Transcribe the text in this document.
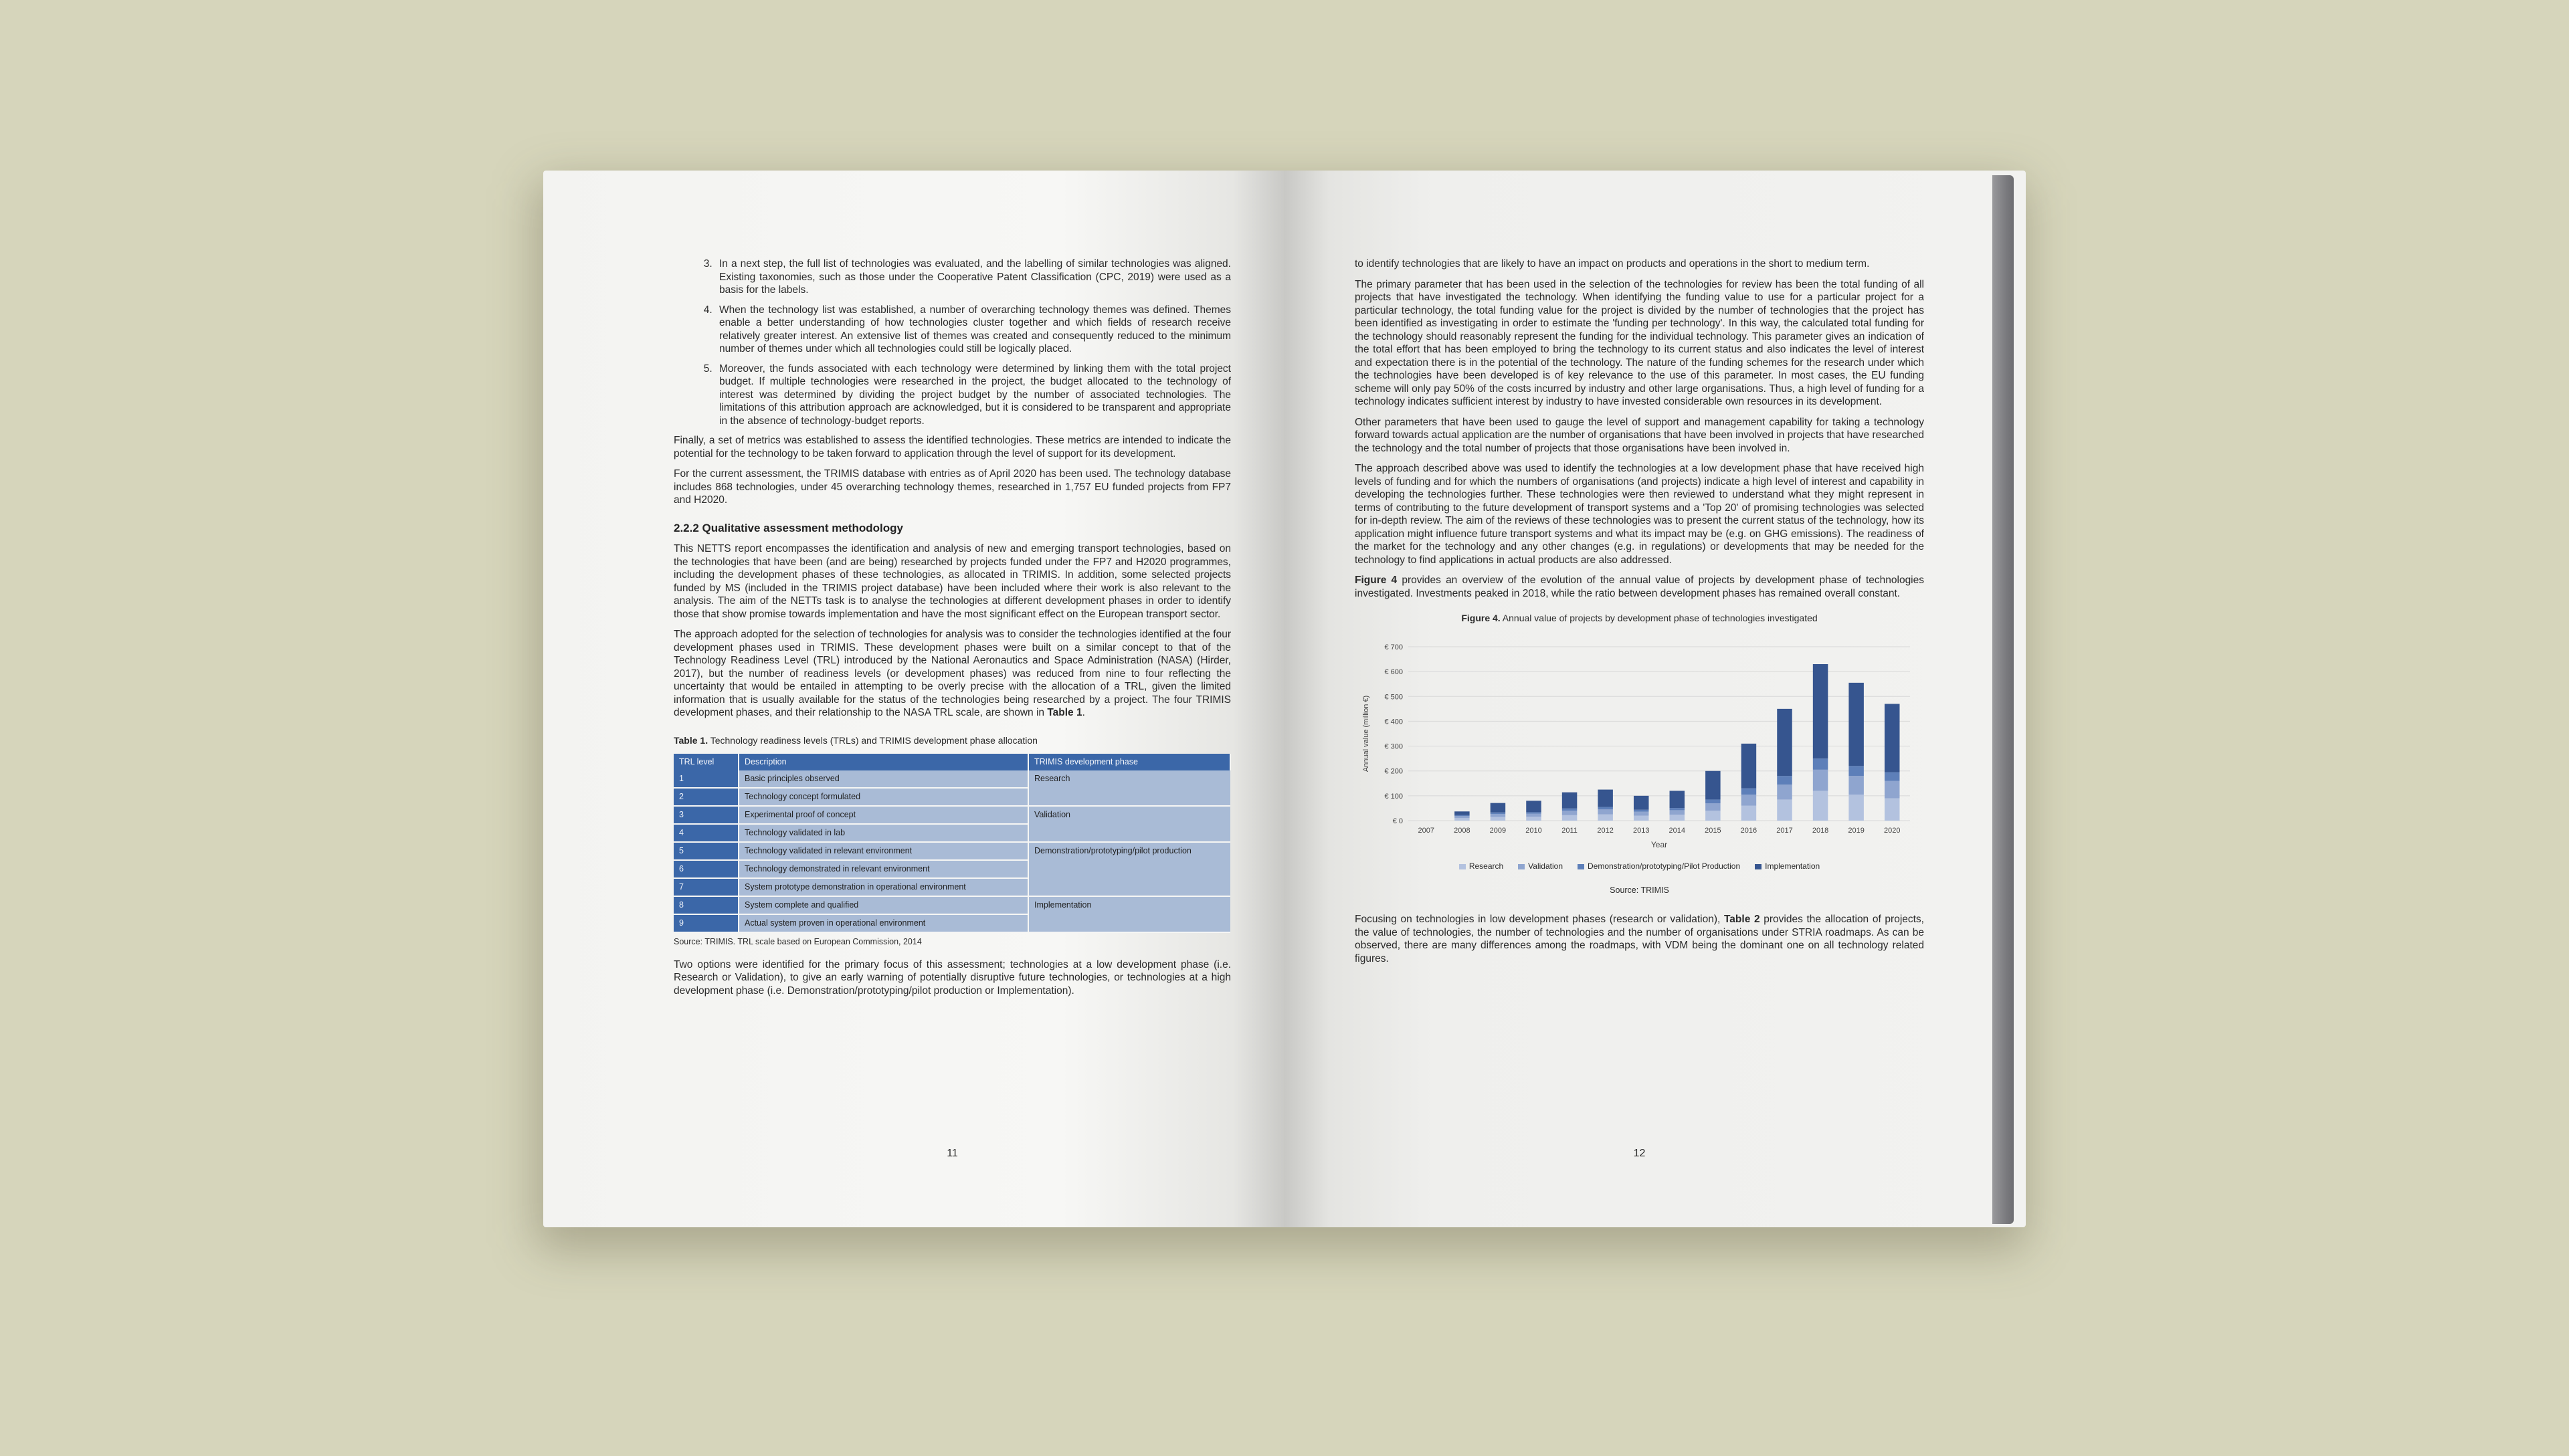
3. In a next step, the full list of technologies was evaluated, and the labelling of similar technologies was aligned. Existing taxonomies, such as those under the Cooperative Patent Classification (CPC, 2019) were used as a basis for the labels.
4. When the technology list was established, a number of overarching technology themes was defined. Themes enable a better understanding of how technologies cluster together and which fields of research receive relatively greater interest. An extensive list of themes was created and consequently reduced to the minimum number of themes under which all technologies could still be logically placed.
5. Moreover, the funds associated with each technology were determined by linking them with the total project budget. If multiple technologies were researched in the project, the budget allocated to the technology of interest was determined by dividing the project budget by the number of associated technologies. The limitations of this attribution approach are acknowledged, but it is considered to be transparent and appropriate in the absence of technology-budget reports.

Finally, a set of metrics was established to assess the identified technologies. These metrics are intended to indicate the potential for the technology to be taken forward to application through the level of support for its development.

For the current assessment, the TRIMIS database with entries as of April 2020 has been used. The technology database includes 868 technologies, under 45 overarching technology themes, researched in 1,757 EU funded projects from FP7 and H2020.

2.2.2 Qualitative assessment methodology

This NETTS report encompasses the identification and analysis of new and emerging transport technologies, based on the technologies that have been (and are being) researched by projects funded under the FP7 and H2020 programmes, including the development phases of these technologies, as allocated in TRIMIS. In addition, some selected projects funded by MS (included in the TRIMIS project database) have been included where their work is also relevant to the analysis. The aim of the NETTs task is to analyse the technologies at different development phases in order to identify those that show promise towards implementation and have the most significant effect on the European transport sector.

The approach adopted for the selection of technologies for analysis was to consider the technologies identified at the four development phases used in TRIMIS. These development phases were built on a similar concept to that of the Technology Readiness Level (TRL) introduced by the National Aeronautics and Space Administration (NASA) (Hirder, 2017), but the number of readiness levels (or development phases) was reduced from nine to four reflecting the uncertainty that would be entailed in attempting to be overly precise with the allocation of a TRL, given the limited information that is usually available for the status of the technologies being researched by a project. The four TRIMIS development phases, and their relationship to the NASA TRL scale, are shown in Table 1.

Table 1. Technology readiness levels (TRLs) and TRIMIS development phase allocation
TRL level	Description	TRIMIS development phase
1	Basic principles observed	Research
2	Technology concept formulated	
3	Experimental proof of concept	Validation
4	Technology validated in lab	
5	Technology validated in relevant environment	Demonstration/prototyping/pilot production
6	Technology demonstrated in relevant environment	
7	System prototype demonstration in operational environment	
8	System complete and qualified	Implementation
9	Actual system proven in operational environment	
Source: TRIMIS. TRL scale based on European Commission, 2014

Two options were identified for the primary focus of this assessment; technologies at a low development phase (i.e. Research or Validation), to give an early warning of potentially disruptive future technologies, or technologies at a high development phase (i.e. Demonstration/prototyping/pilot production or Implementation).

11

to identify technologies that are likely to have an impact on products and operations in the short to medium term.

The primary parameter that has been used in the selection of the technologies for review has been the total funding of all projects that have investigated the technology. When identifying the funding value to use for a particular project for a particular technology, the total funding value for the project is divided by the number of technologies that the project has been identified as investigating in order to estimate the 'funding per technology'. In this way, the calculated total funding for the technology should reasonably represent the funding for the individual technology. This parameter gives an indication of the total effort that has been employed to bring the technology to its current status and also indicates the level of interest and expectation there is in the potential of the technology. The nature of the funding schemes for the research under which the technologies have been developed is of key relevance to the use of this parameter. In most cases, the EU funding scheme will only pay 50% of the costs incurred by industry and other large organisations. Thus, a high level of funding for a technology indicates sufficient interest by industry to have invested considerable own resources in its development.

Other parameters that have been used to gauge the level of support and management capability for taking a technology forward towards actual application are the number of organisations that have been involved in projects that have researched the technology and the total number of projects that those organisations have been involved in.

The approach described above was used to identify the technologies at a low development phase that have received high levels of funding and for which the numbers of organisations (and projects) indicate a high level of interest and capability in developing the technologies further. These technologies were then reviewed to understand what they might represent in terms of contributing to the future development of transport systems and a 'Top 20' of promising technologies was selected for in-depth review. The aim of the reviews of these technologies was to present the current status of the technology, how its application might influence future transport systems and what its impact may be (e.g. on GHG emissions). The readiness of the market for the technology and any other changes (e.g. in regulations) or developments that may be needed for the technology to find applications in actual products are also addressed.

Figure 4 provides an overview of the evolution of the annual value of projects by development phase of technologies investigated. Investments peaked in 2018, while the ratio between development phases has remained overall constant.

Figure 4. Annual value of projects by development phase of technologies investigated
€ 0
€ 100
€ 200
€ 300
€ 400
€ 500
€ 600
€ 700
2007	2008	2009	2010	2011	2012	2013	2014	2015	2016	2017	2018	2019	2020
Annual value (million €)
Year
Research	Validation	Demonstration/prototyping/Pilot Production	Implementation
Source: TRIMIS

Focusing on technologies in low development phases (research or validation), Table 2 provides the allocation of projects, the value of technologies, the number of technologies and the number of organisations under STRIA roadmaps. As can be observed, there are many differences among the roadmaps, with VDM being the dominant one on all technology related figures.

12
